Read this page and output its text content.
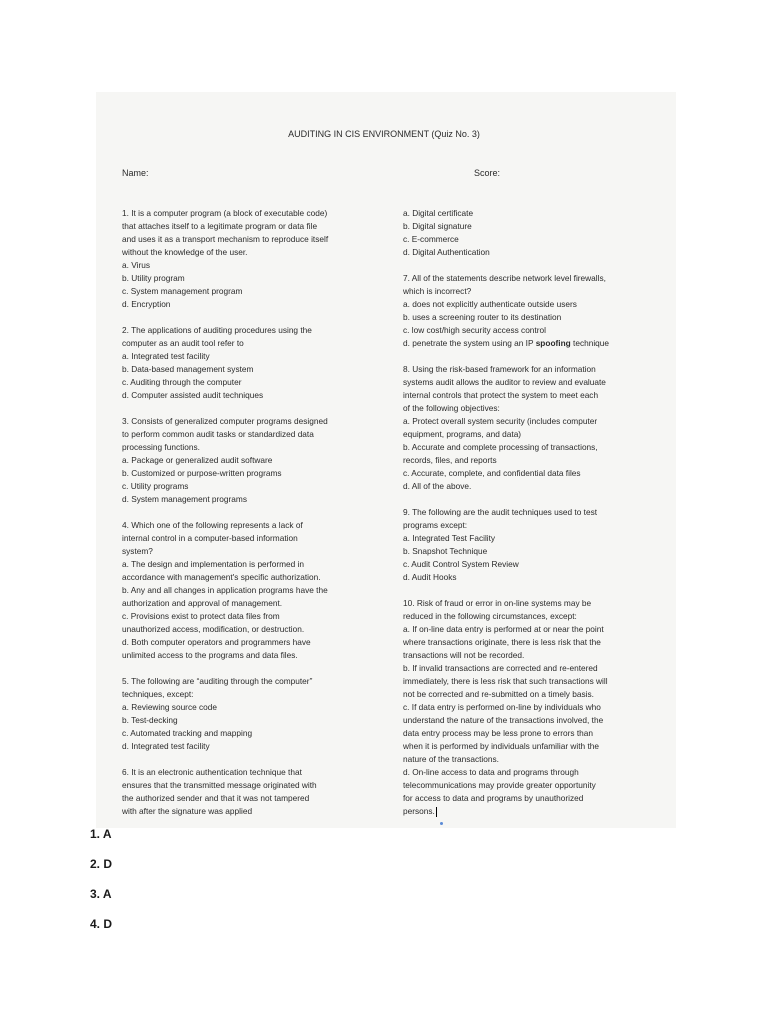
AUDITING IN CIS ENVIRONMENT (Quiz No. 3)
Name:	Score:
1. It is a computer program (a block of executable code)
that attaches itself to a legitimate program or data file
and uses it as a transport mechanism to reproduce itself
without the knowledge of the user.
a. Virus
b. Utility program
c. System management program
d. Encryption
2. The applications of auditing procedures using the
computer as an audit tool refer to
a. Integrated test facility
b. Data-based management system
c. Auditing through the computer
d. Computer assisted audit techniques
3. Consists of generalized computer programs designed
to perform common audit tasks or standardized data
processing functions.
a. Package or generalized audit software
b. Customized or purpose-written programs
c. Utility programs
d. System management programs
4. Which one of the following represents a lack of
internal control in a computer-based information
system?
a. The design and implementation is performed in
accordance with management's specific authorization.
b. Any and all changes in application programs have the
authorization and approval of management.
c. Provisions exist to protect data files from
unauthorized access, modification, or destruction.
d. Both computer operators and programmers have
unlimited access to the programs and data files.
5. The following are “auditing through the computer”
techniques, except:
a. Reviewing source code
b. Test-decking
c. Automated tracking and mapping
d. Integrated test facility
6. It is an electronic authentication technique that
ensures that the transmitted message originated with
the authorized sender and that it was not tampered
with after the signature was applied
a. Digital certificate
b. Digital signature
c. E-commerce
d. Digital Authentication
7. All of the statements describe network level firewalls,
which is incorrect?
a. does not explicitly authenticate outside users
b. uses a screening router to its destination
c. low cost/high security access control
d. penetrate the system using an IP spoofing technique
8. Using the risk-based framework for an information
systems audit allows the auditor to review and evaluate
internal controls that protect the system to meet each
of the following objectives:
a. Protect overall system security (includes computer
equipment, programs, and data)
b. Accurate and complete processing of transactions,
records, files, and reports
c. Accurate, complete, and confidential data files
d. All of the above.
9. The following are the audit techniques used to test
programs except:
a. Integrated Test Facility
b. Snapshot Technique
c. Audit Control System Review
d. Audit Hooks
10. Risk of fraud or error in on-line systems may be
reduced in the following circumstances, except:
a. If on-line data entry is performed at or near the point
where transactions originate, there is less risk that the
transactions will not be recorded.
b. If invalid transactions are corrected and re-entered
immediately, there is less risk that such transactions will
not be corrected and re-submitted on a timely basis.
c. If data entry is performed on-line by individuals who
understand the nature of the transactions involved, the
data entry process may be less prone to errors than
when it is performed by individuals unfamiliar with the
nature of the transactions.
d. On-line access to data and programs through
telecommunications may provide greater opportunity
for access to data and programs by unauthorized
persons.
1. A
2. D
3. A
4. D
